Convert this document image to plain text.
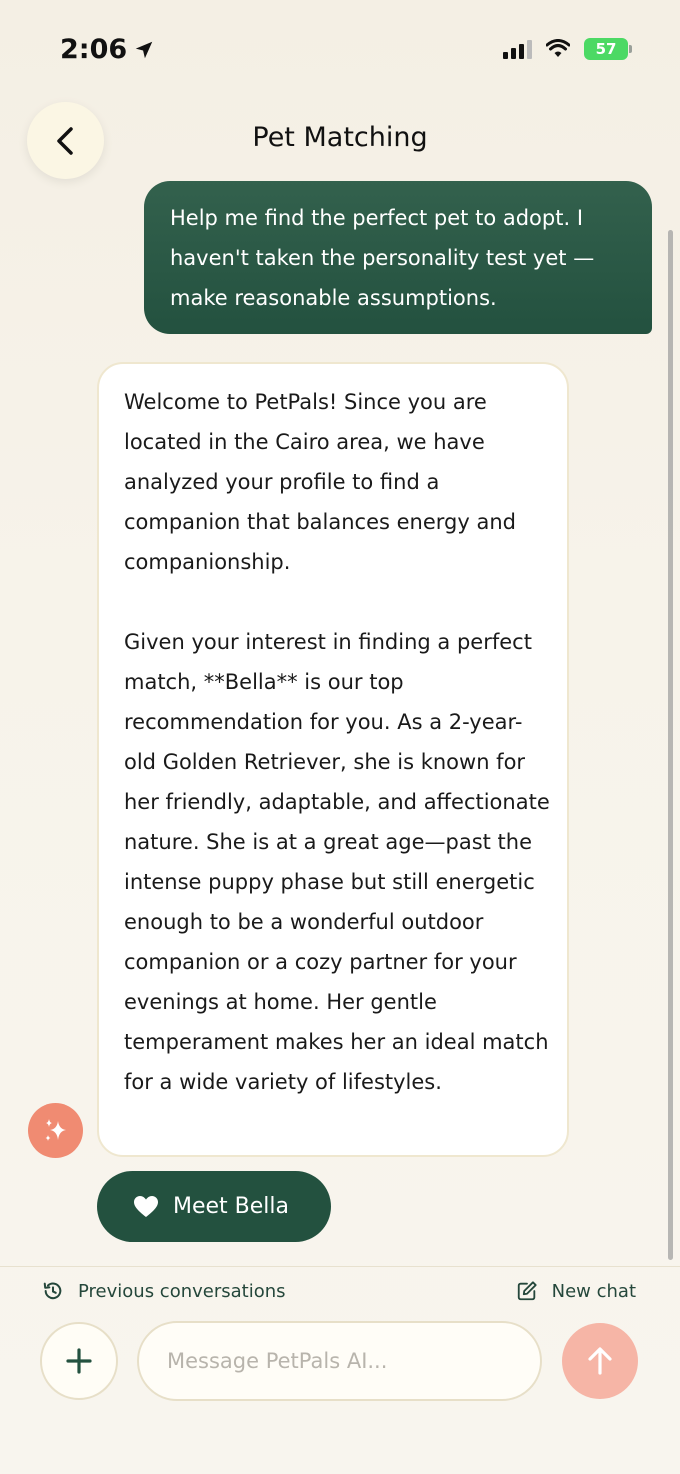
2:06	57
Pet Matching
Help me find the perfect pet to adopt. I haven't taken the personality test yet — make reasonable assumptions.

Welcome to PetPals! Since you are located in the Cairo area, we have analyzed your profile to find a companion that balances energy and companionship.

Given your interest in finding a perfect match, **Bella** is our top recommendation for you. As a 2-year-old Golden Retriever, she is known for her friendly, adaptable, and affectionate nature. She is at a great age—past the intense puppy phase but still energetic enough to be a wonderful outdoor companion or a cozy partner for your evenings at home. Her gentle temperament makes her an ideal match for a wide variety of lifestyles.

Meet Bella
Previous conversations	New chat
Message PetPals AI...
